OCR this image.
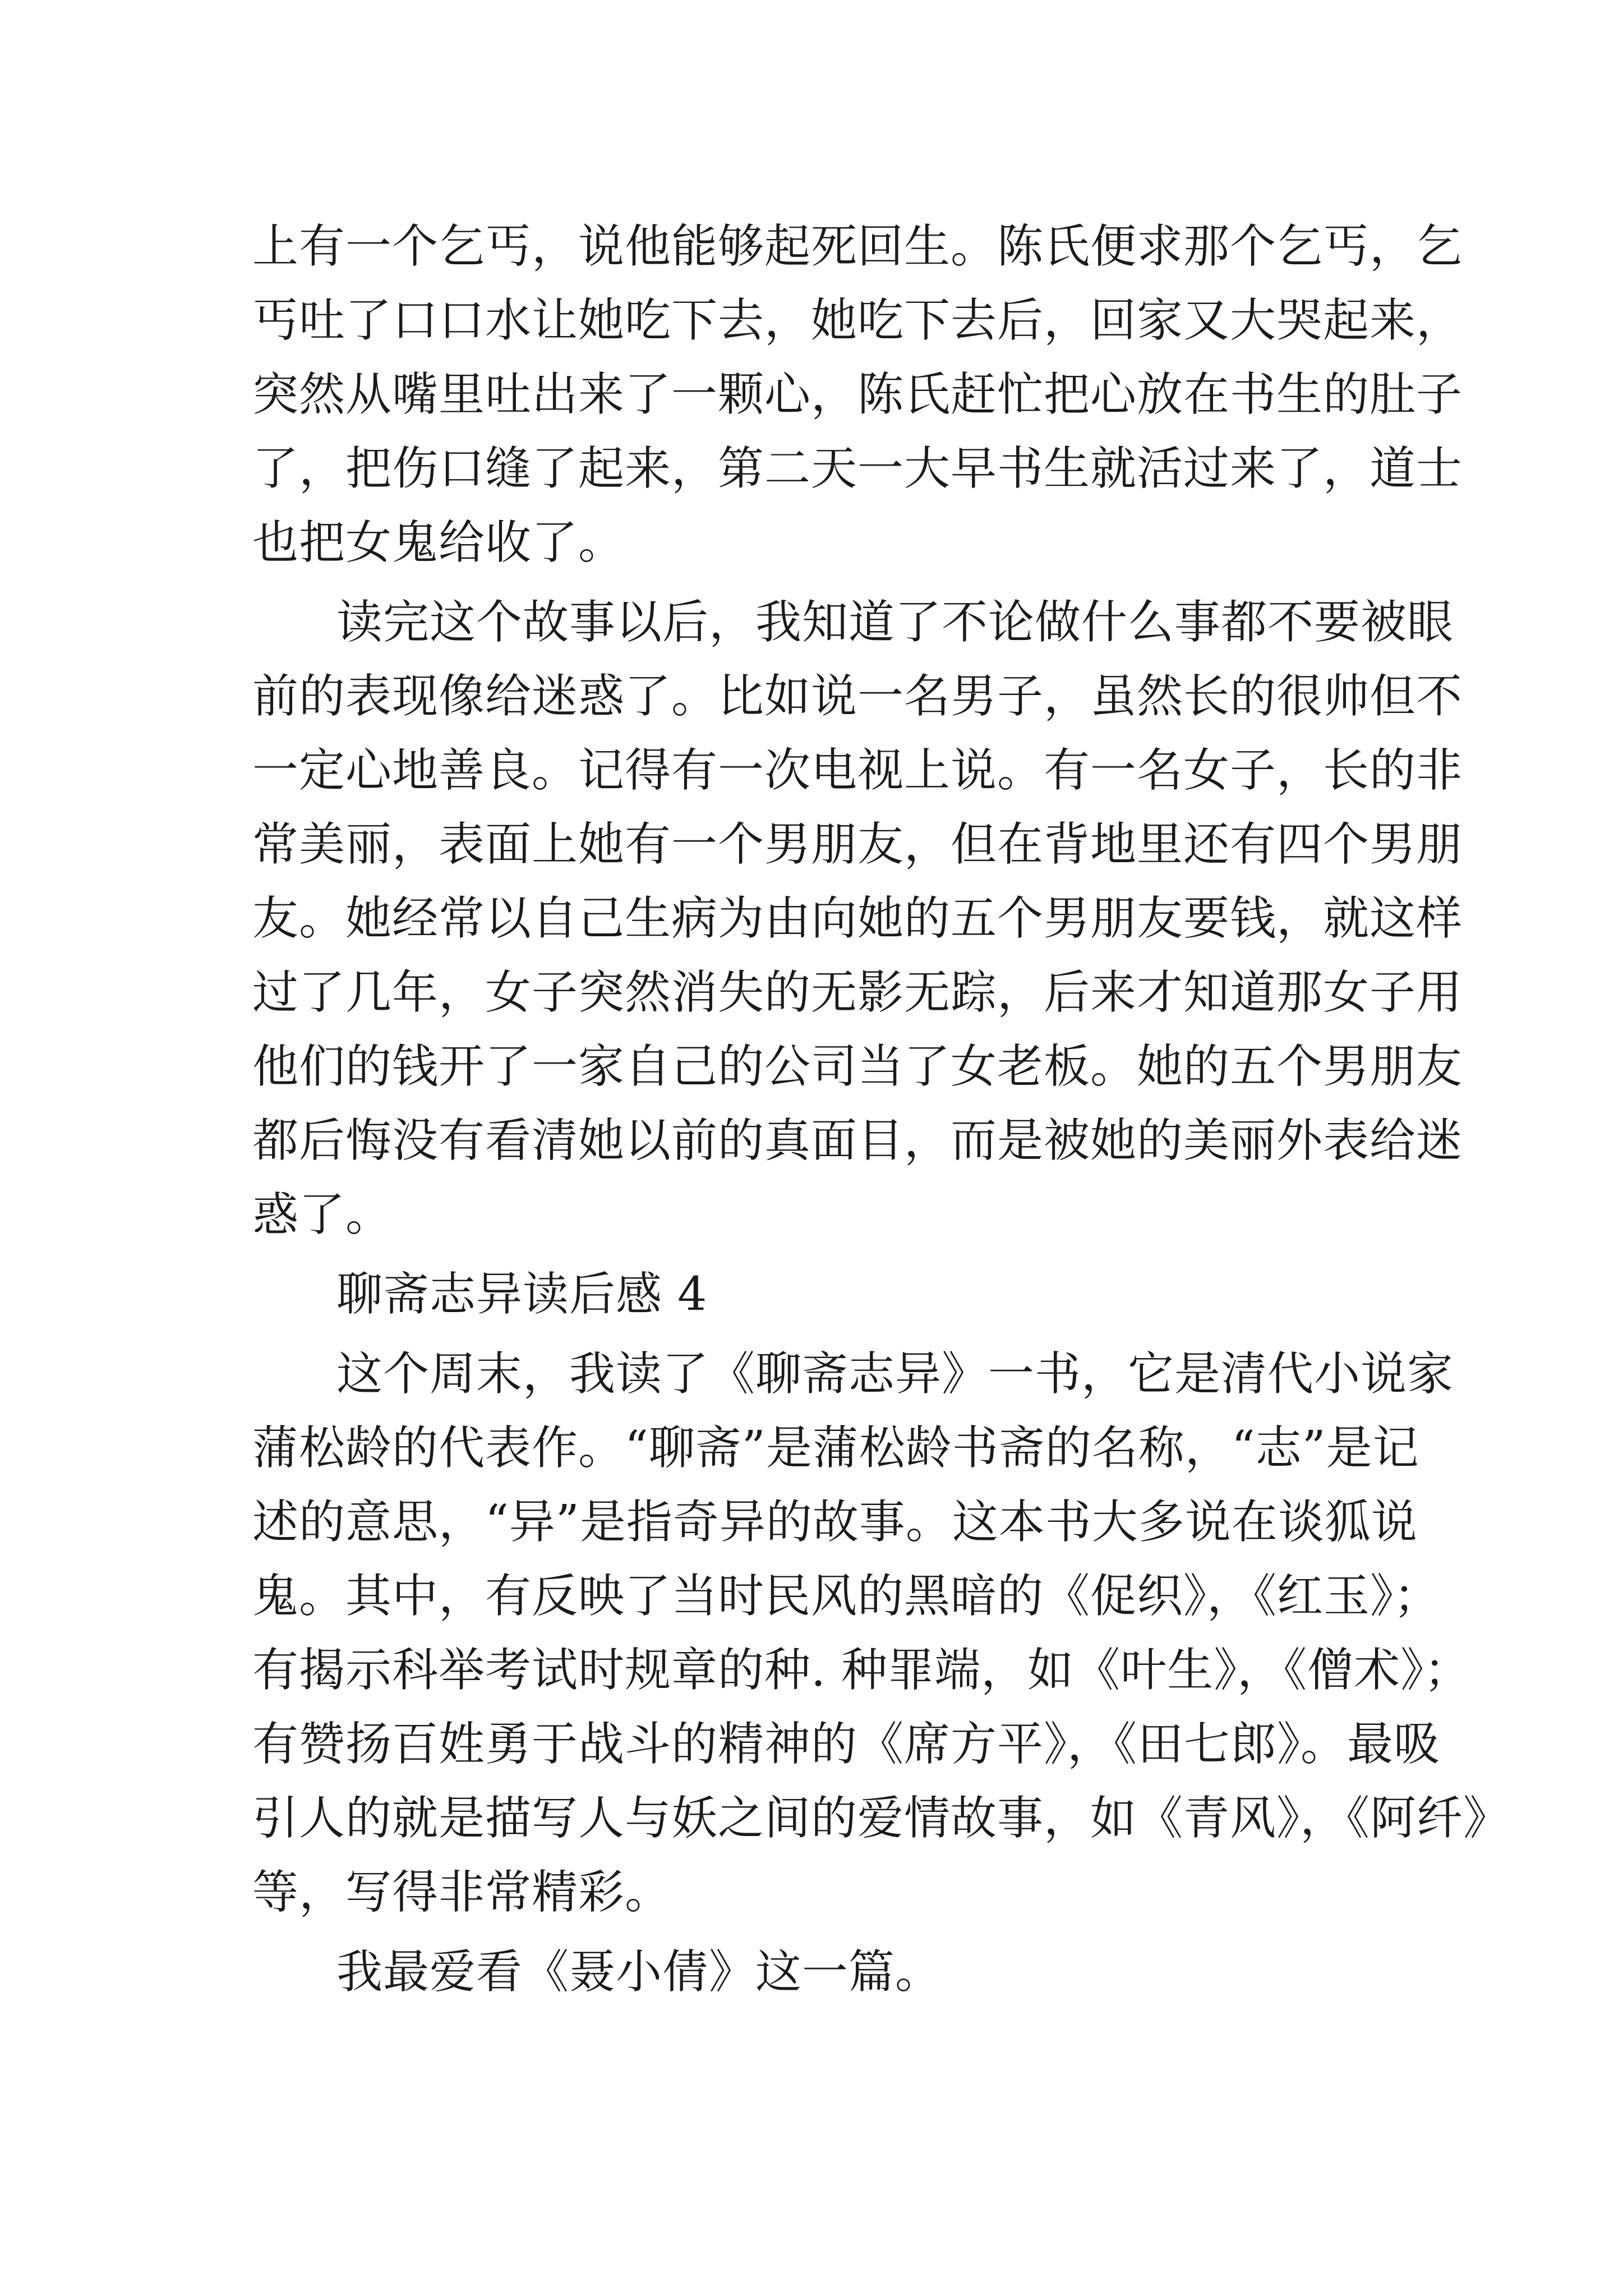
上有一个乞丐，说他能够起死回生。陈氏便求那个乞丐，乞
丐吐了口口水让她吃下去，她吃下去后，回家又大哭起来，
突然从嘴里吐出来了一颗心，陈氏赶忙把心放在书生的肚子
了，把伤口缝了起来，第二天一大早书生就活过来了，道士
也把女鬼给收了。
读完这个故事以后，我知道了不论做什么事都不要被眼
前的表现像给迷惑了。比如说一名男子，虽然长的很帅但不
一定心地善良。记得有一次电视上说。有一名女子，长的非
常美丽，表面上她有一个男朋友，但在背地里还有四个男朋
友。她经常以自己生病为由向她的五个男朋友要钱，就这样
过了几年，女子突然消失的无影无踪，后来才知道那女子用
他们的钱开了一家自己的公司当了女老板。她的五个男朋友
都后悔没有看清她以前的真面目，而是被她的美丽外表给迷
惑了。
聊斋志异读后感 4
这个周末，我读了《聊斋志异》一书，它是清代小说家
蒲松龄的代表作。“聊斋”是蒲松龄书斋的名称，“志”是记
述的意思，“异”是指奇异的故事。这本书大多说在谈狐说
鬼。其中，有反映了当时民风的黑暗的《促织》，《红玉》；
有揭示科举考试时规章的种. 种罪端，如《叶生》，《僧术》；
有赞扬百姓勇于战斗的精神的《席方平》，《田七郎》。最吸
引人的就是描写人与妖之间的爱情故事，如《青风》，《阿纤》
等，写得非常精彩。
我最爱看《聂小倩》这一篇。
